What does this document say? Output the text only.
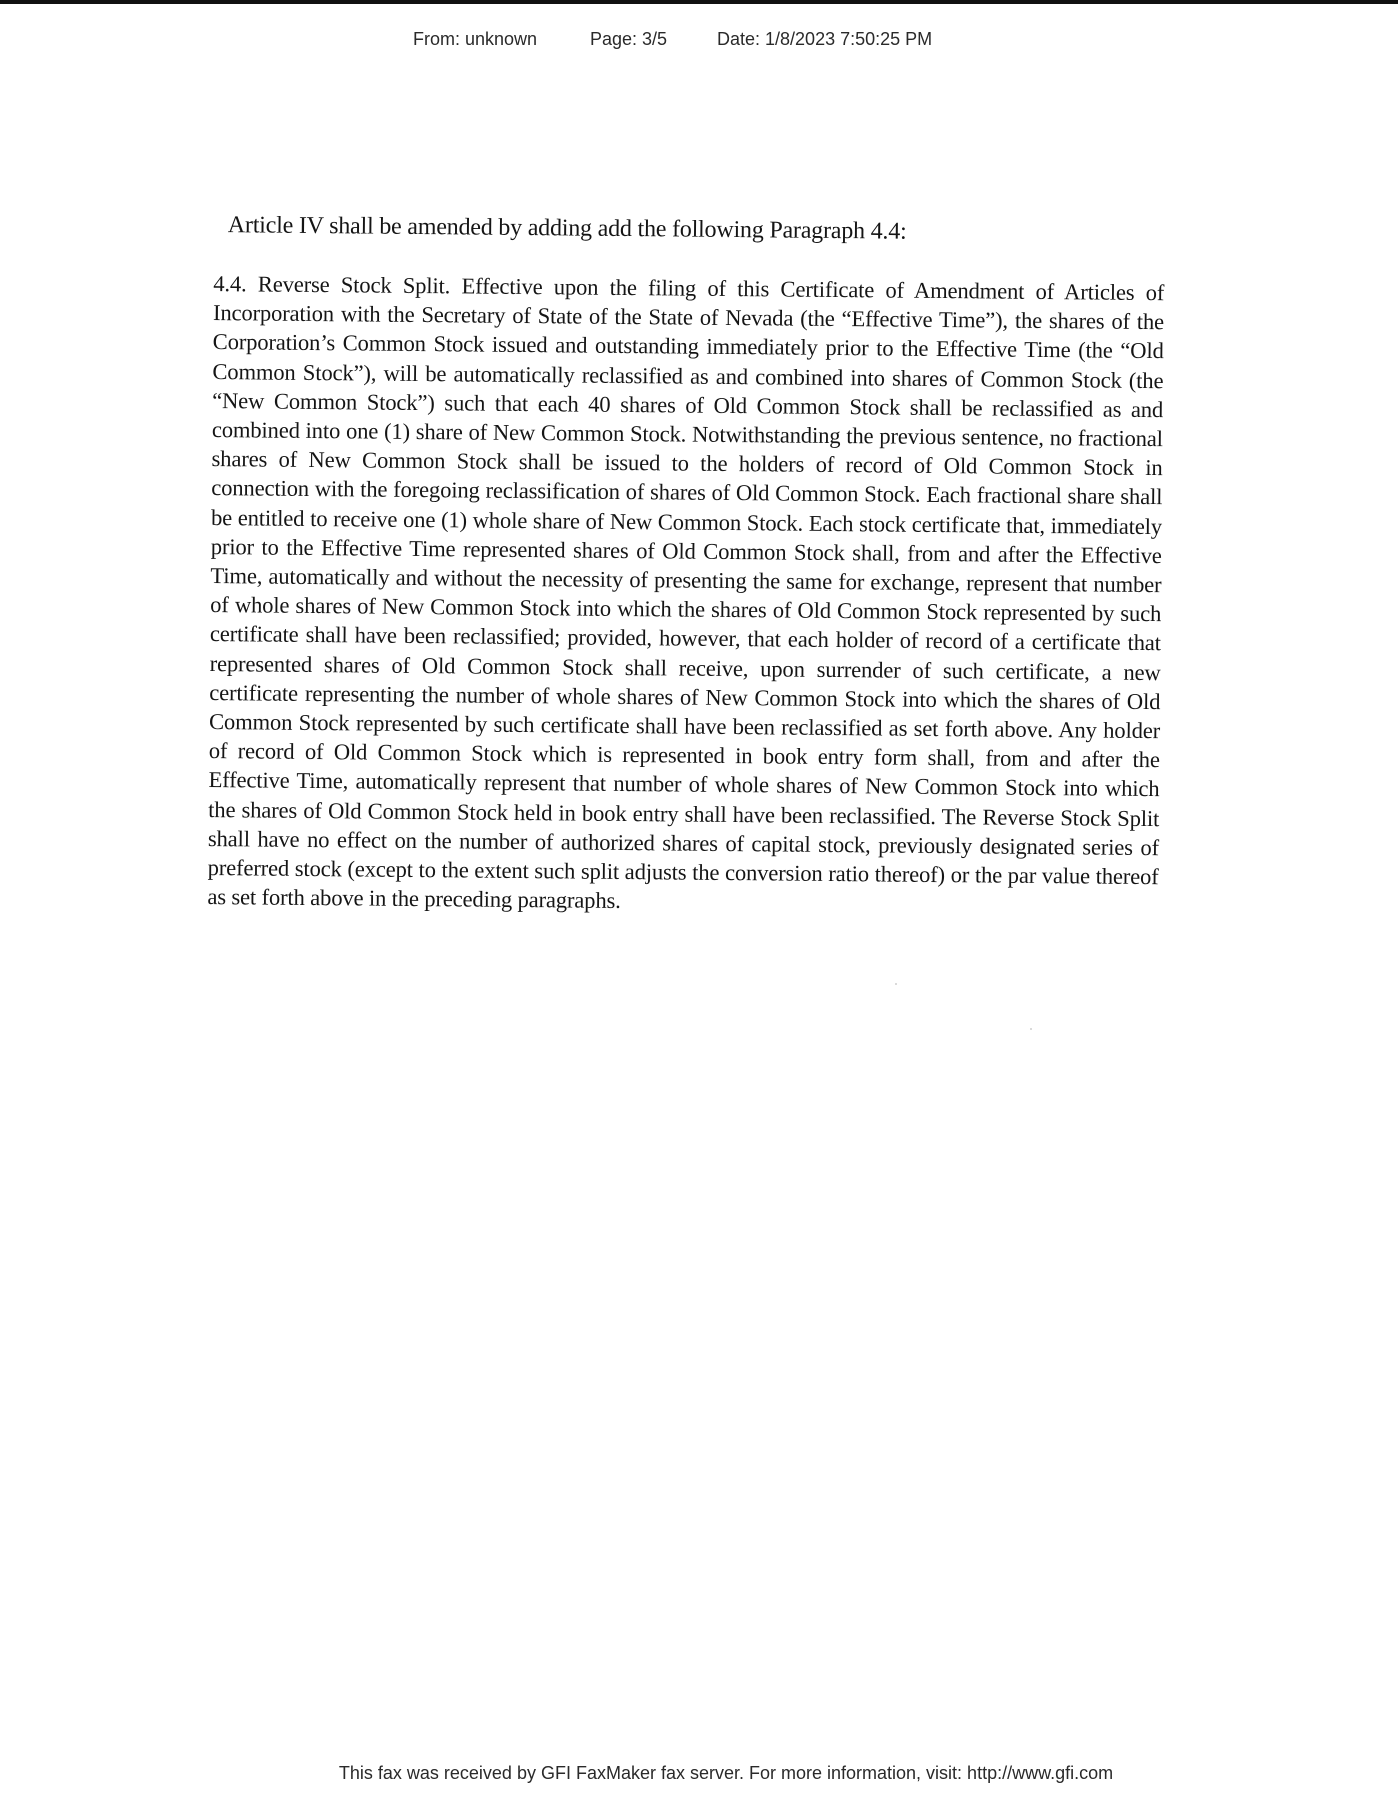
From: unknown	Page: 3/5	Date: 1/8/2023 7:50:25 PM

Article IV shall be amended by adding add the following Paragraph 4.4:

4.4. Reverse Stock Split. Effective upon the filing of this Certificate of Amendment of Articles of Incorporation with the Secretary of State of the State of Nevada (the “Effective Time”), the shares of the Corporation’s Common Stock issued and outstanding immediately prior to the Effective Time (the “Old Common Stock”), will be automatically reclassified as and combined into shares of Common Stock (the “New Common Stock”) such that each 40 shares of Old Common Stock shall be reclassified as and combined into one (1) share of New Common Stock. Notwithstanding the previous sentence, no fractional shares of New Common Stock shall be issued to the holders of record of Old Common Stock in connection with the foregoing reclassification of shares of Old Common Stock. Each fractional share shall be entitled to receive one (1) whole share of New Common Stock. Each stock certificate that, immediately prior to the Effective Time represented shares of Old Common Stock shall, from and after the Effective Time, automatically and without the necessity of presenting the same for exchange, represent that number of whole shares of New Common Stock into which the shares of Old Common Stock represented by such certificate shall have been reclassified; provided, however, that each holder of record of a certificate that represented shares of Old Common Stock shall receive, upon surrender of such certificate, a new certificate representing the number of whole shares of New Common Stock into which the shares of Old Common Stock represented by such certificate shall have been reclassified as set forth above. Any holder of record of Old Common Stock which is represented in book entry form shall, from and after the Effective Time, automatically represent that number of whole shares of New Common Stock into which the shares of Old Common Stock held in book entry shall have been reclassified. The Reverse Stock Split shall have no effect on the number of authorized shares of capital stock, previously designated series of preferred stock (except to the extent such split adjusts the conversion ratio thereof) or the par value thereof as set forth above in the preceding paragraphs.

This fax was received by GFI FaxMaker fax server. For more information, visit: http://www.gfi.com
